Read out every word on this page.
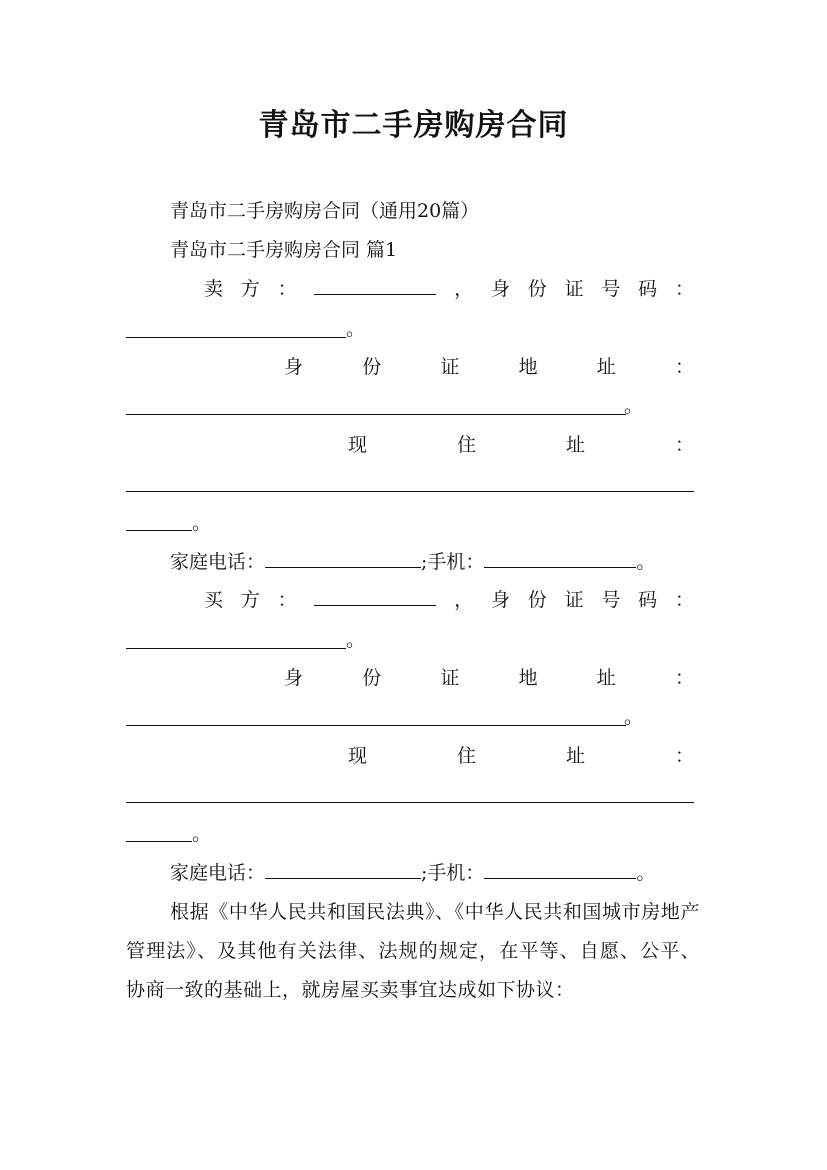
青岛市二手房购房合同
青岛市二手房购房合同（通用20篇）
青岛市二手房购房合同 篇1
卖 方 ：	， 身 份 证 号 码 ：
。
身	份	证	地	址	：
。
现	住	址	：
。
家庭电话：	;手机：	。
买 方 ：	， 身 份 证 号 码 ：
。
身	份	证	地	址	：
。
现	住	址	：
。
家庭电话：	;手机：	。
根据《中华人民共和国民法典》、《中华人民共和国城市房地产管理法》、及其他有关法律、法规的规定，在平等、自愿、公平、协商一致的基础上，就房屋买卖事宜达成如下协议：
